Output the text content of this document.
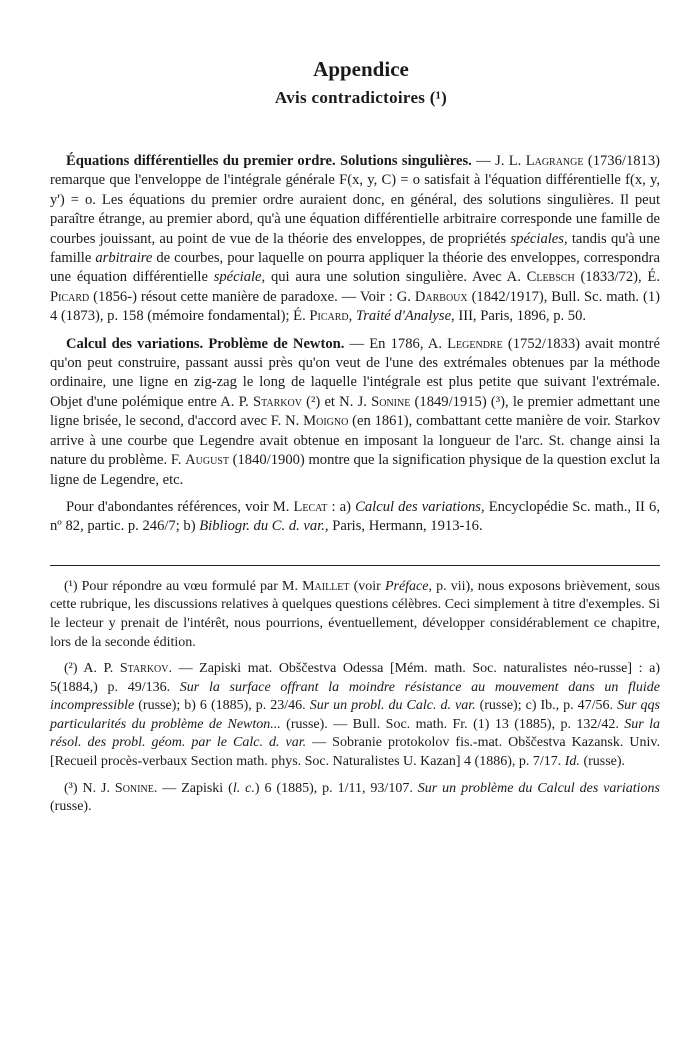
Appendice
Avis contradictoires (¹)

Équations différentielles du premier ordre. Solutions singulières. — J. L. Lagrange (1736/1813) remarque que l'enveloppe de l'intégrale générale F(x, y, C) = o satisfait à l'équation différentielle f(x, y, y') = o. Les équations du premier ordre auraient donc, en général, des solutions singulières. Il peut paraître étrange, au premier abord, qu'à une équation différentielle arbitraire corresponde une famille de courbes jouissant, au point de vue de la théorie des enveloppes, de propriétés spéciales, tandis qu'à une famille arbitraire de courbes, pour laquelle on pourra appliquer la théorie des enveloppes, correspondra une équation différentielle spéciale, qui aura une solution singulière. Avec A. Clebsch (1833/72), É. Picard (1856-) résout cette manière de paradoxe. — Voir : G. Darboux (1842/1917), Bull. Sc. math. (1) 4 (1873), p. 158 (mémoire fondamental); É. Picard, Traité d'Analyse, III, Paris, 1896, p. 50.

Calcul des variations. Problème de Newton. — En 1786, A. Legendre (1752/1833) avait montré qu'on peut construire, passant aussi près qu'on veut de l'une des extrémales obtenues par la méthode ordinaire, une ligne en zig-zag le long de laquelle l'intégrale est plus petite que suivant l'extrémale. Objet d'une polémique entre A. P. Starkov (²) et N. J. Sonine (1849/1915) (³), le premier admettant une ligne brisée, le second, d'accord avec F. N. Moigno (en 1861), combattant cette manière de voir. Starkov arrive à une courbe que Legendre avait obtenue en imposant la longueur de l'arc. St. change ainsi la nature du problème. F. August (1840/1900) montre que la signification physique de la question exclut la ligne de Legendre, etc.

Pour d'abondantes références, voir M. Lecat : a) Calcul des variations, Encyclopédie Sc. math., II 6, nº 82, partic. p. 246/7; b) Bibliogr. du C. d. var., Paris, Hermann, 1913-16.

(¹) Pour répondre au vœu formulé par M. Maillet (voir Préface, p. vii), nous exposons brièvement, sous cette rubrique, les discussions relatives à quelques questions célèbres. Ceci simplement à titre d'exemples. Si le lecteur y prenait de l'intérêt, nous pourrions, éventuellement, développer considérablement ce chapitre, lors de la seconde édition.

(²) A. P. Starkov. — Zapiski mat. Obščestva Odessa [Mém. math. Soc. naturalistes néo-russe] : a) 5(1884,) p. 49/136. Sur la surface offrant la moindre résistance au mouvement dans un fluide incompressible (russe); b) 6 (1885), p. 23/46. Sur un probl. du Calc. d. var. (russe); c) Ib., p. 47/56. Sur qqs particularités du problème de Newton... (russe). — Bull. Soc. math. Fr. (1) 13 (1885), p. 132/42. Sur la résol. des probl. géom. par le Calc. d. var. — Sobranie protokolov fis.-mat. Obščestva Kazansk. Univ. [Recueil procès-verbaux Section math. phys. Soc. Naturalistes U. Kazan] 4 (1886), p. 7/17. Id. (russe).

(³) N. J. Sonine. — Zapiski (l. c.) 6 (1885), p. 1/11, 93/107. Sur un problème du Calcul des variations (russe).
